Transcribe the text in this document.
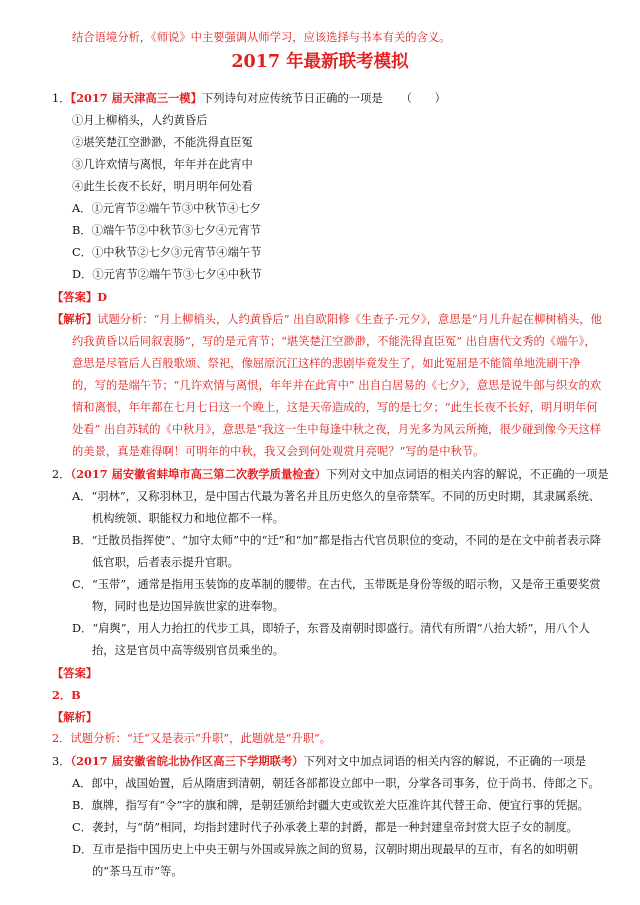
结合语境分析，《师说》中主要强调从师学习，应该选择与书本有关的含义。
2017 年最新联考模拟
1．【2017 届天津高三一模】下列诗句对应传统节日正确的一项是 （　　）
①月上柳梢头，人约黄昏后
②堪笑楚江空渺渺，不能洗得直臣冤
③几许欢情与离恨，年年并在此宵中
④此生长夜不长好，明月明年何处看
A．①元宵节②端午节③中秋节④七夕
B．①端午节②中秋节③七夕④元宵节
C．①中秋节②七夕③元宵节④端午节
D．①元宵节②端午节③七夕④中秋节
【答案】D
【解析】试题分析：“月上柳梢头，人约黄昏后” 出自欧阳修《生查子·元夕》，意思是“月儿升起在柳树梢头，他约我黄昏以后同叙衷肠”，写的是元宵节；“堪笑楚江空渺渺，不能洗得直臣冤” 出自唐代文秀的《端午》，意思是尽管后人百般歌颂、祭祀，像屈原沉江这样的悲剧毕竟发生了，如此冤屈是不能简单地洗刷干净的，写的是端午节；“几许欢情与离恨，年年并在此宵中” 出自白居易的《七夕》，意思是说牛郎与织女的欢情和离恨，年年都在七月七日这一个晚上，这是天帝造成的，写的是七夕；“此生长夜不长好，明月明年何处看” 出自苏轼的《中秋月》，意思是“我这一生中每逢中秋之夜，月光多为风云所掩，很少碰到像今天这样的美景，真是难得啊！可明年的中秋，我又会到何处观赏月亮呢？”写的是中秋节。
2．（2017 届安徽省蚌埠市高三第二次教学质量检查）下列对文中加点词语的相关内容的解说，不正确的一项是
A．“羽林”，又称羽林卫，是中国古代最为著名并且历史悠久的皇帝禁军。不同的历史时期，其隶属系统、机构统领、职能权力和地位都不一样。
B．“迁散员指挥使”、“加守太师”中的“迁”和“加”都是指古代官员职位的变动，不同的是在文中前者表示降低官职，后者表示提升官职。
C．“玉带”，通常是指用玉装饰的皮革制的腰带。在古代，玉带既是身份等级的昭示物，又是帝王重要奖赏物，同时也是边国异族世家的进奉物。
D．“肩舆”，用人力抬扛的代步工具，即轿子，东晋及南朝时即盛行。清代有所谓“八抬大轿”，用八个人抬，这是官员中高等级别官员乘坐的。
【答案】
2．B
【解析】
2．试题分析：“迁”又是表示“升职”，此题就是“升职”。
3．（2017 届安徽省皖北协作区高三下学期联考）下列对文中加点词语的相关内容的解说，不正确的一项是
A．郎中，战国始置，后从隋唐到清朝，朝廷各部都设立郎中一职，分掌各司事务，位于尚书、侍郎之下。
B．旗牌，指写有“令”字的旗和牌，是朝廷颁给封疆大吏或钦差大臣准许其代替王命、便宜行事的凭据。
C．袭封，与“荫”相同，均指封建时代子孙承袭上辈的封爵，都是一种封建皇帝封赏大臣子女的制度。
D．互市是指中国历史上中央王朝与外国或异族之间的贸易，汉朝时期出现最早的互市，有名的如明朝的“茶马互市”等。
